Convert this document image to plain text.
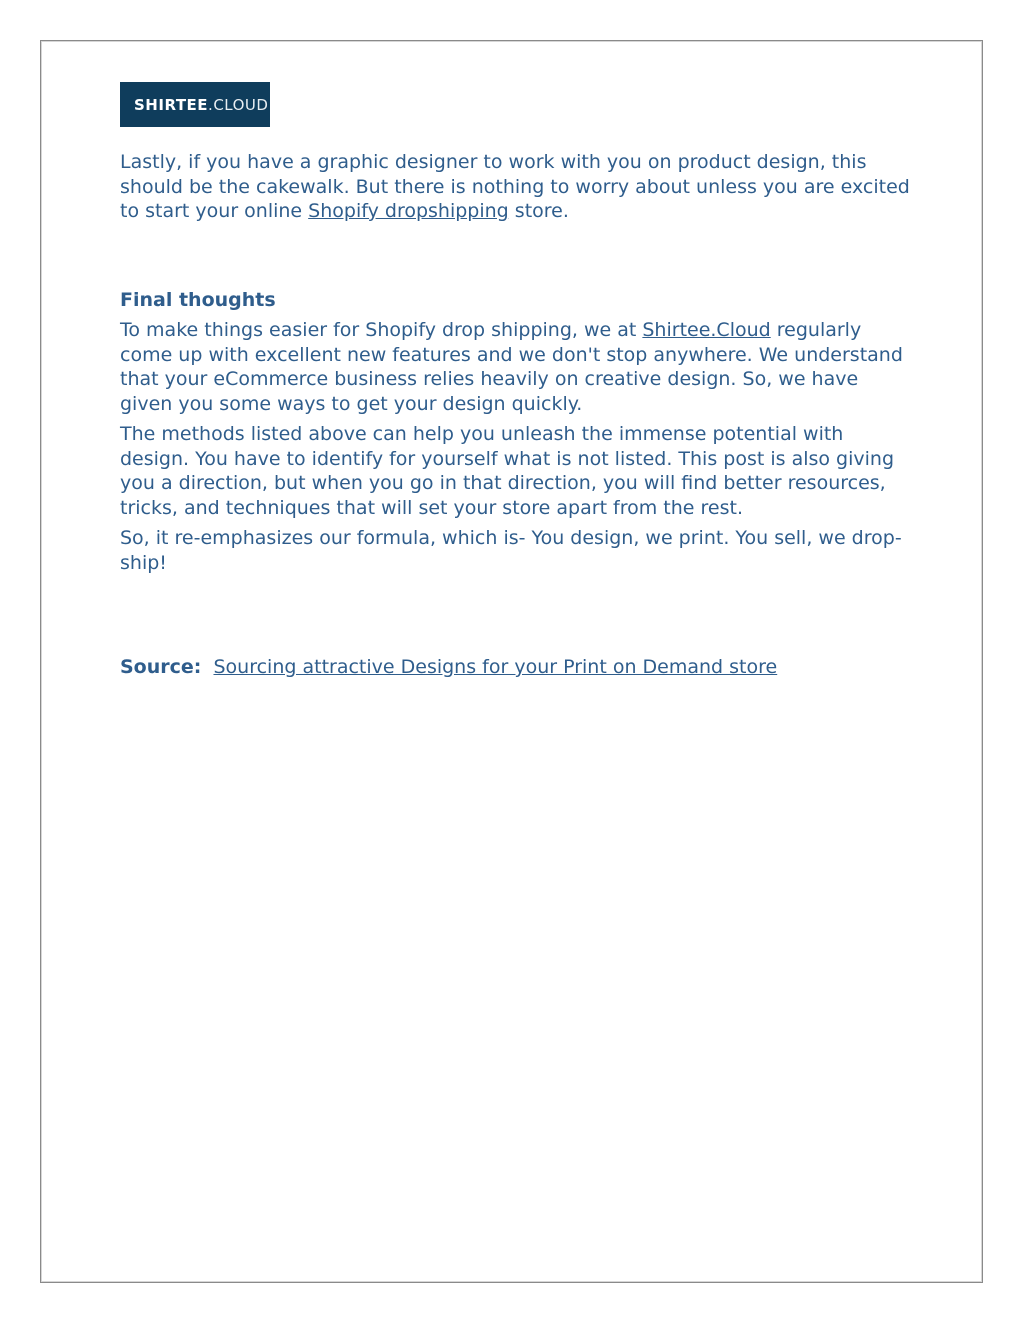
SHIRTEE .CLOUD

Lastly, if you have a graphic designer to work with you on product design, this should be the cakewalk. But there is nothing to worry about unless you are excited to start your online Shopify dropshipping store.

Final thoughts

To make things easier for Shopify drop shipping, we at Shirtee.Cloud regularly come up with excellent new features and we don't stop anywhere. We understand that your eCommerce business relies heavily on creative design. So, we have given you some ways to get your design quickly.

The methods listed above can help you unleash the immense potential with design. You have to identify for yourself what is not listed. This post is also giving you a direction, but when you go in that direction, you will find better resources, tricks, and techniques that will set your store apart from the rest.

So, it re-emphasizes our formula, which is- You design, we print. You sell, we drop-ship!

Source: Sourcing attractive Designs for your Print on Demand store
